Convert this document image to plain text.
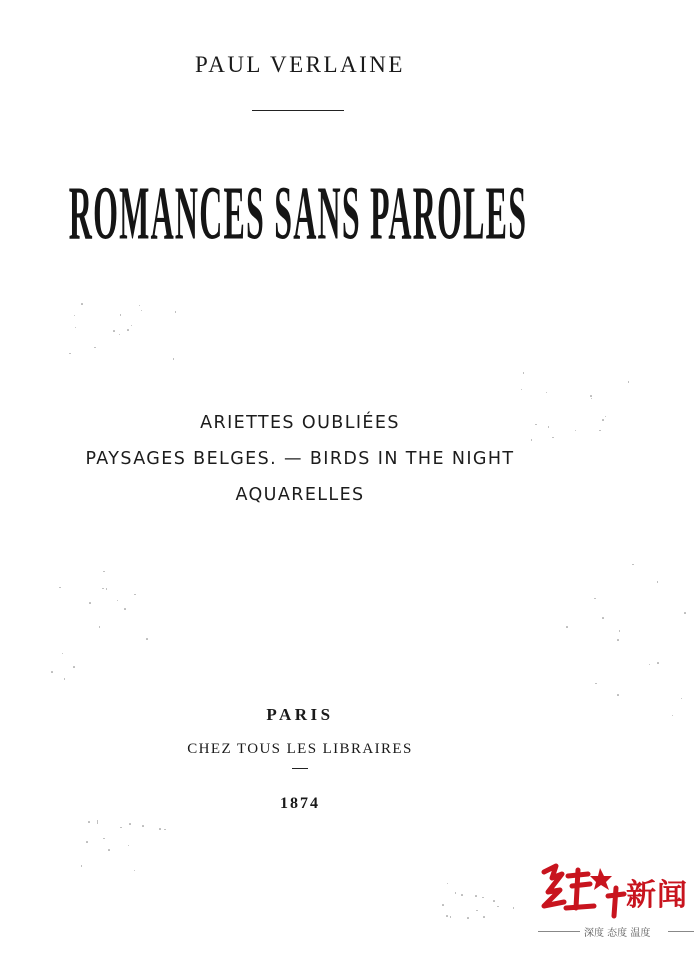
PAUL VERLAINE
ROMANCES SANS PAROLES
ARIETTES OUBLIÉES
PAYSAGES BELGES. — BIRDS IN THE NIGHT
AQUARELLES
PARIS
CHEZ TOUS LES LIBRAIRES
1874
新闻
深度 态度 温度
